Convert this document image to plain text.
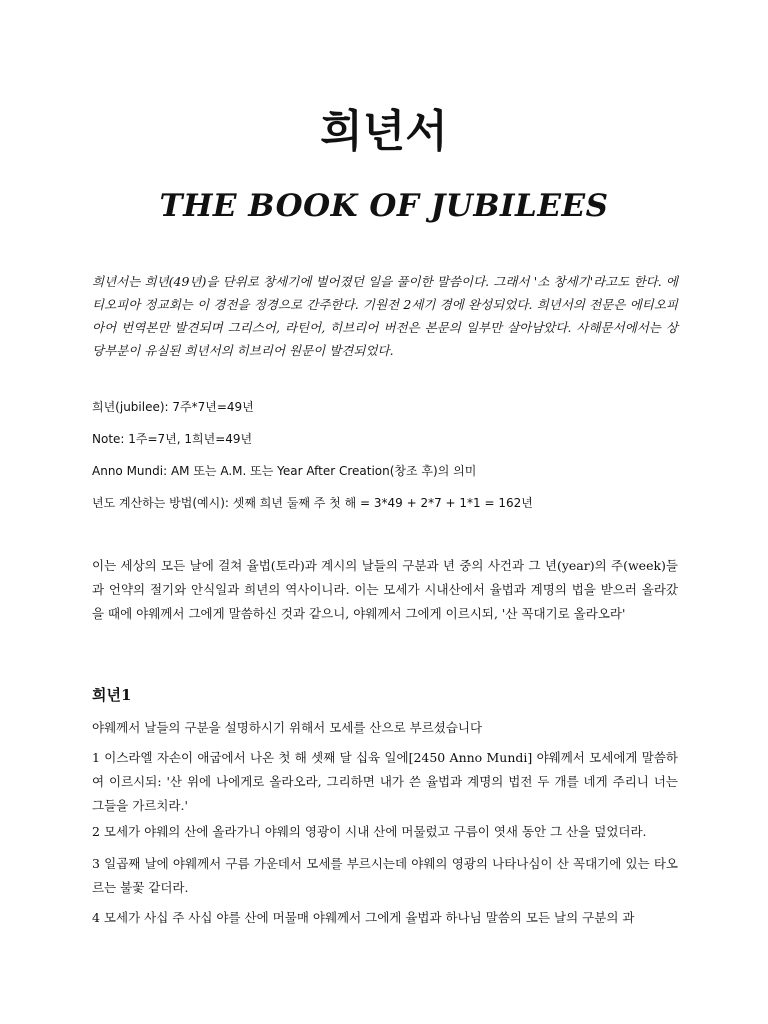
희년서
THE BOOK OF JUBILEES

희년서는 희년(49년)을 단위로 창세기에 벌어졌던 일을 풀이한 말씀이다. 그래서 '소 창세기'라고도 한다. 에티오피아 정교회는 이 경전을 정경으로 간주한다. 기원전 2세기 경에 완성되었다. 희년서의 전문은 에티오피아어 번역본만 발견되며 그리스어, 라틴어, 히브리어 버전은 본문의 일부만 살아남았다. 사해문서에서는 상당부분이 유실된 희년서의 히브리어 원문이 발견되었다.

희년(jubilee): 7주*7년=49년

Note: 1주=7년, 1희년=49년

Anno Mundi: AM 또는 A.M. 또는 Year After Creation(창조 후)의 의미

년도 계산하는 방법(예시): 셋째 희년 둘째 주 첫 해 = 3*49 + 2*7 + 1*1 = 162년

이는 세상의 모든 날에 걸쳐 율법(토라)과 계시의 날들의 구분과 년 중의 사건과 그 년(year)의 주(week)들과 언약의 절기와 안식일과 희년의 역사이니라. 이는 모세가 시내산에서 율법과 계명의 법을 받으러 올라갔을 때에 야웨께서 그에게 말씀하신 것과 같으니, 야웨께서 그에게 이르시되, '산 꼭대기로 올라오라'

희년1

야웨께서 날들의 구분을 설명하시기 위해서 모세를 산으로 부르셨습니다

1 이스라엘 자손이 애굽에서 나온 첫 해 셋째 달 십육 일에[2450 Anno Mundi] 야웨께서 모세에게 말씀하여 이르시되: '산 위에 나에게로 올라오라, 그리하면 내가 쓴 율법과 계명의 법전 두 개를 네게 주리니 너는 그들을 가르치라.'

2 모세가 야웨의 산에 올라가니 야웨의 영광이 시내 산에 머물렀고 구름이 엿새 동안 그 산을 덮었더라.

3 일곱째 날에 야웨께서 구름 가운데서 모세를 부르시는데 야웨의 영광의 나타나심이 산 꼭대기에 있는 타오르는 불꽃 같더라.

4 모세가 사십 주 사십 야를 산에 머물매 야웨께서 그에게 율법과 하나님 말씀의 모든 날의 구분의 과
